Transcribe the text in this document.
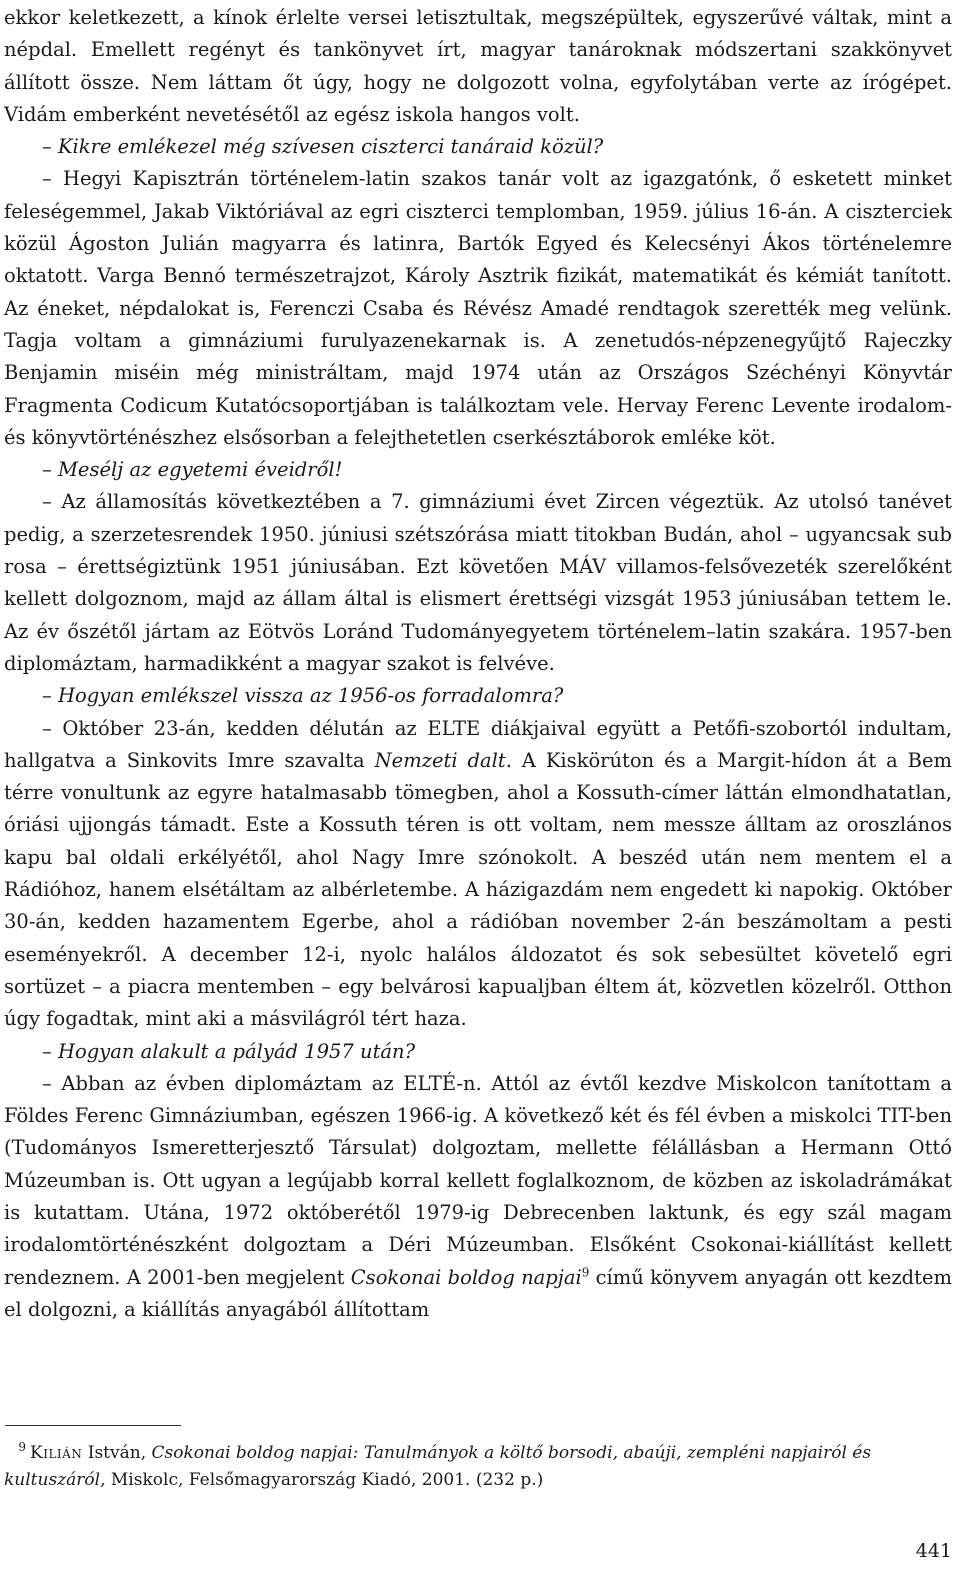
ekkor keletkezett, a kínok érlelte versei letisztultak, megszépültek, egyszerűvé váltak, mint a népdal. Emellett regényt és tankönyvet írt, magyar tanároknak módszertani szakkönyvet állított össze. Nem láttam őt úgy, hogy ne dolgozott volna, egyfolytában verte az írógépet. Vidám emberként nevetésétől az egész iskola hangos volt.

– Kikre emlékezel még szívesen ciszterci tanáraid közül?

– Hegyi Kapisztrán történelem-latin szakos tanár volt az igazgatónk, ő esketett minket feleségemmel, Jakab Viktóriával az egri ciszterci templomban, 1959. július 16-án. A ciszterciek közül Ágoston Julián magyarra és latinra, Bartók Egyed és Kelecsényi Ákos történelemre oktatott. Varga Bennó természetrajzot, Károly Asztrik fizikát, matematikát és kémiát tanított. Az éneket, népdalokat is, Ferenczi Csaba és Révész Amadé rendtagok szerették meg velünk. Tagja voltam a gimnáziumi furulyazenekarnak is. A zenetudós-népzenegyűjtő Rajeczky Benjamin miséin még ministráltam, majd 1974 után az Országos Széchényi Könyvtár Fragmenta Codicum Kutatócsoportjában is találkoztam vele. Hervay Ferenc Levente irodalom- és könyvtörténészhez elsősorban a felejthetetlen cserkésztáborok emléke köt.

– Mesélj az egyetemi éveidről!

– Az államosítás következtében a 7. gimnáziumi évet Zircen végeztük. Az utolsó tanévet pedig, a szerzetesrendek 1950. júniusi szétszórása miatt titokban Budán, ahol – ugyancsak sub rosa – érettségiztünk 1951 júniusában. Ezt követően MÁV villamos-felsővezeték szerelőként kellett dolgoznom, majd az állam által is elismert érettségi vizsgát 1953 júniusában tettem le. Az év őszétől jártam az Eötvös Loránd Tudományegyetem történelem–latin szakára. 1957-ben diplomáztam, harmadikként a magyar szakot is felvéve.

– Hogyan emlékszel vissza az 1956-os forradalomra?

– Október 23-án, kedden délután az ELTE diákjaival együtt a Petőfi-szobortól indultam, hallgatva a Sinkovits Imre szavalta Nemzeti dalt. A Kiskörúton és a Margit-hídon át a Bem térre vonultunk az egyre hatalmasabb tömegben, ahol a Kossuth-címer láttán elmondhatatlan, óriási ujjongás támadt. Este a Kossuth téren is ott voltam, nem messze álltam az oroszlános kapu bal oldali erkélyétől, ahol Nagy Imre szónokolt. A beszéd után nem mentem el a Rádióhoz, hanem elsétáltam az albérletembe. A házigazdám nem engedett ki napokig. Október 30-án, kedden hazamentem Egerbe, ahol a rádióban november 2-án beszámoltam a pesti eseményekről. A december 12-i, nyolc halálos áldozatot és sok sebesültet követelő egri sortüzet – a piacra mentemben – egy belvárosi kapualjban éltem át, közvetlen közelről. Otthon úgy fogadtak, mint aki a másvilágról tért haza.

– Hogyan alakult a pályád 1957 után?

– Abban az évben diplomáztam az ELTÉ-n. Attól az évtől kezdve Miskolcon tanítottam a Földes Ferenc Gimnáziumban, egészen 1966-ig. A következő két és fél évben a miskolci TIT-ben (Tudományos Ismeretterjesztő Társulat) dolgoztam, mellette félállásban a Hermann Ottó Múzeumban is. Ott ugyan a legújabb korral kellett foglalkoznom, de közben az iskoladrámákat is kutattam. Utána, 1972 októberétől 1979-ig Debrecenben laktunk, és egy szál magam irodalomtörténészként dolgoztam a Déri Múzeumban. Elsőként Csokonai-kiállítást kellett rendeznem. A 2001-ben megjelent Csokonai boldog napjai$^9$ című könyvem anyagán ott kezdtem el dolgozni, a kiállítás anyagából állítottam

9 Kilián István, Csokonai boldog napjai: Tanulmányok a költő borsodi, abaúji, zempléni napjairól és kultuszáról, Miskolc, Felsőmagyarország Kiadó, 2001. (232 p.)
441
